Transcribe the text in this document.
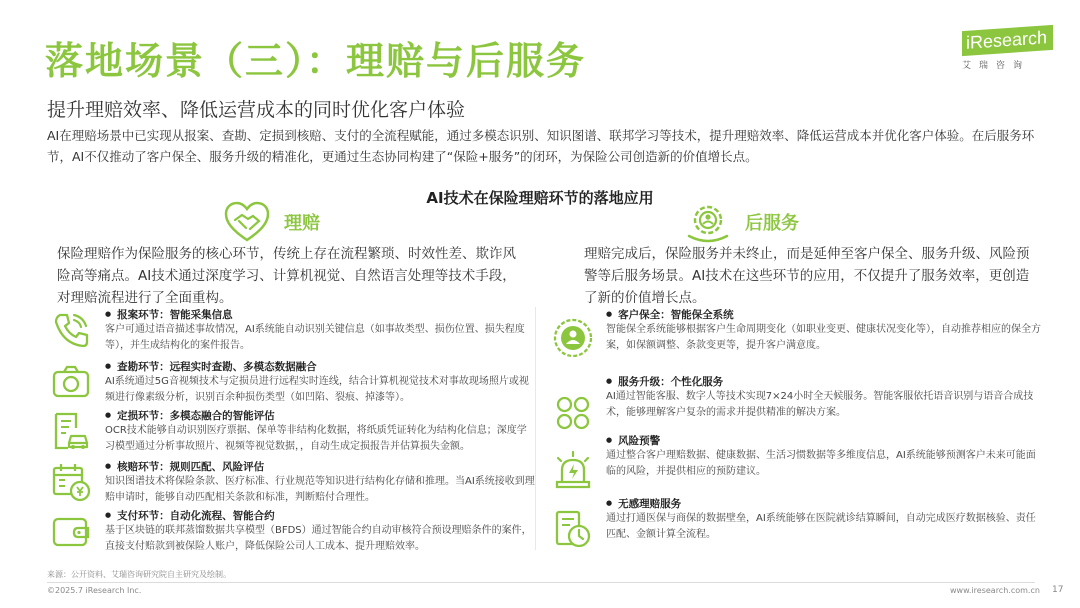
落地场景（三）：理赔与后服务	iResearch
艾瑞咨询
提升理赔效率、降低运营成本的同时优化客户体验
AI在理赔场景中已实现从报案、查勘、定损到核赔、支付的全流程赋能，通过多模态识别、知识图谱、联邦学习等技术，提升理赔效率、降低运营成本并优化客户体验。在后服务环节，AI不仅推动了客户保全、服务升级的精准化，更通过生态协同构建了“保险+服务”的闭环，为保险公司创造新的价值增长点。
AI技术在保险理赔环节的落地应用
理赔	后服务
保险理赔作为保险服务的核心环节，传统上存在流程繁琐、时效性差、欺诈风险高等痛点。AI技术通过深度学习、计算机视觉、自然语言处理等技术手段，对理赔流程进行了全面重构。
理赔完成后，保险服务并未终止，而是延伸至客户保全、服务升级、风险预警等后服务场景。AI技术在这些环节的应用，不仅提升了服务效率，更创造了新的价值增长点。
● 报案环节：智能采集信息
客户可通过语音描述事故情况，AI系统能自动识别关键信息（如事故类型、损伤位置、损失程度等），并生成结构化的案件报告。
● 查勘环节：远程实时查勘、多模态数据融合
AI系统通过5G音视频技术与定损员进行远程实时连线，结合计算机视觉技术对事故现场照片或视频进行像素级分析，识别百余种损伤类型（如凹陷、裂痕、掉漆等）。
● 定损环节：多模态融合的智能评估
OCR技术能够自动识别医疗票据、保单等非结构化数据，将纸质凭证转化为结构化信息；深度学习模型通过分析事故照片、视频等视觉数据，，自动生成定损报告并估算损失金额。
● 核赔环节：规则匹配、风险评估
知识图谱技术将保险条款、医疗标准、行业规范等知识进行结构化存储和推理。当AI系统接收到理赔申请时，能够自动匹配相关条款和标准，判断赔付合理性。
● 支付环节：自动化流程、智能合约
基于区块链的联邦蒸馏数据共享模型（BFDS）通过智能合约自动审核符合预设理赔条件的案件，直接支付赔款到被保险人账户，降低保险公司人工成本、提升理赔效率。
● 客户保全：智能保全系统
智能保全系统能够根据客户生命周期变化（如职业变更、健康状况变化等），自动推荐相应的保全方案，如保额调整、条款变更等，提升客户满意度。
● 服务升级：个性化服务
AI通过智能客服、数字人等技术实现7×24小时全天候服务。智能客服依托语音识别与语音合成技术，能够理解客户复杂的需求并提供精准的解决方案。
● 风险预警
通过整合客户理赔数据、健康数据、生活习惯数据等多维度信息，AI系统能够预测客户未来可能面临的风险，并提供相应的预防建议。
● 无感理赔服务
通过打通医保与商保的数据壁垒，AI系统能够在医院就诊结算瞬间，自动完成医疗数据核验、责任匹配、金额计算全流程。
来源：公开资料、艾瑞咨询研究院自主研究及绘制。
©2025.7 iResearch Inc.	www.iresearch.com.cn 17
